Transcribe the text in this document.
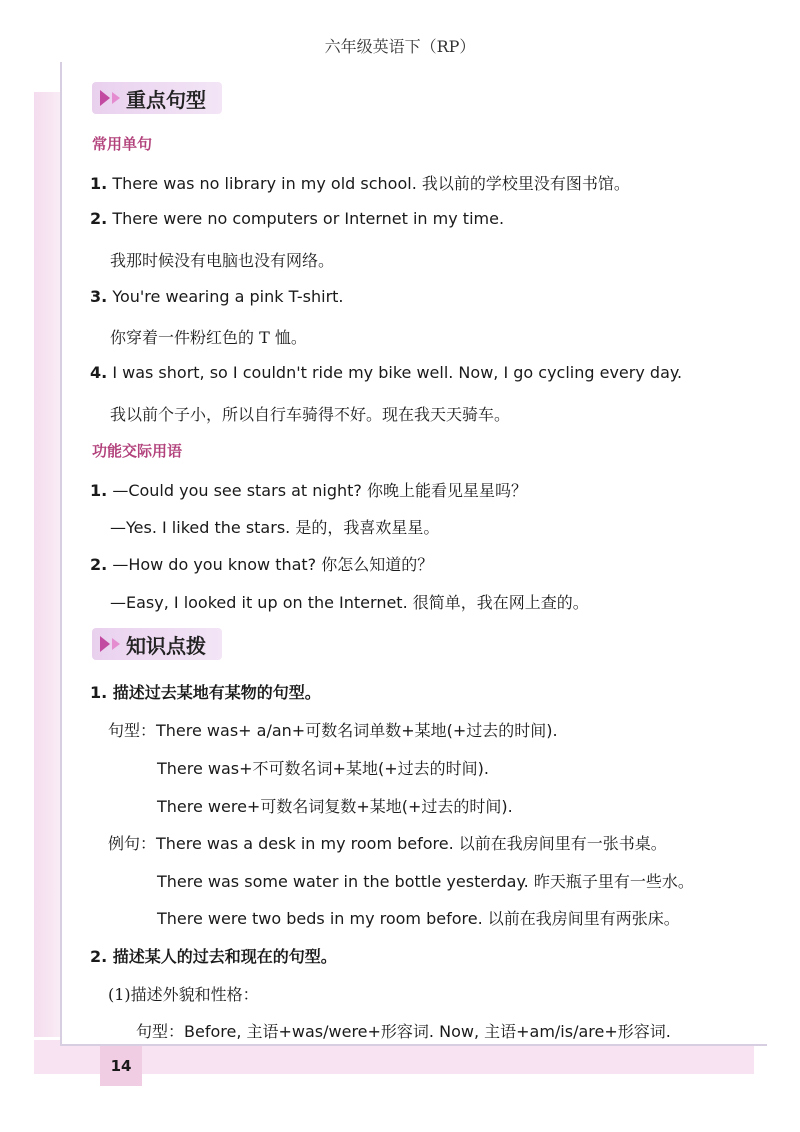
六年级英语下（RP）
重点句型
常用单句
1. There was no library in my old school. 我以前的学校里没有图书馆。
2. There were no computers or Internet in my time.
我那时候没有电脑也没有网络。
3. You're wearing a pink T-shirt.
你穿着一件粉红色的 T 恤。
4. I was short, so I couldn't ride my bike well. Now, I go cycling every day.
我以前个子小，所以自行车骑得不好。现在我天天骑车。
功能交际用语
1. —Could you see stars at night? 你晚上能看见星星吗？
—Yes. I liked the stars. 是的，我喜欢星星。
2. —How do you know that? 你怎么知道的？
—Easy, I looked it up on the Internet. 很简单，我在网上查的。
知识点拨
1. 描述过去某地有某物的句型。
句型：There was+ a/an+可数名词单数+某地(+过去的时间).
There was+不可数名词+某地(+过去的时间).
There were+可数名词复数+某地(+过去的时间).
例句：There was a desk in my room before. 以前在我房间里有一张书桌。
There was some water in the bottle yesterday. 昨天瓶子里有一些水。
There were two beds in my room before. 以前在我房间里有两张床。
2. 描述某人的过去和现在的句型。
(1)描述外貌和性格：
句型：Before, 主语+was/were+形容词. Now, 主语+am/is/are+形容词.
14
